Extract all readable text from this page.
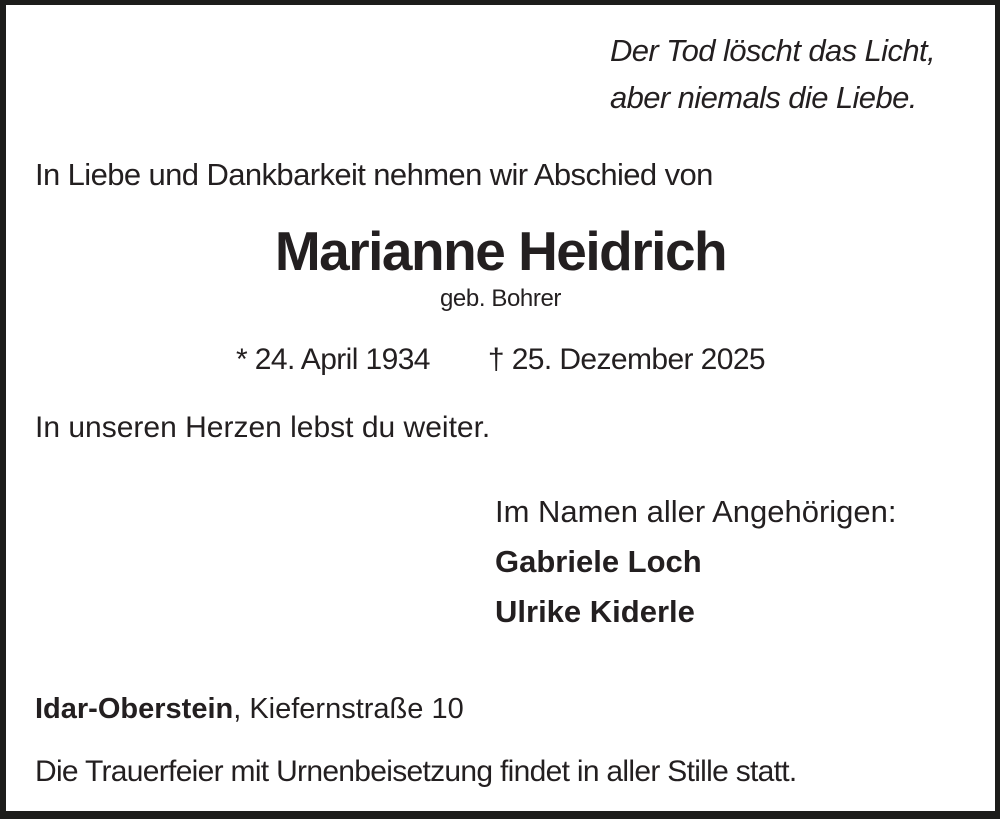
Der Tod löscht das Licht,
aber niemals die Liebe.
In Liebe und Dankbarkeit nehmen wir Abschied von
Marianne Heidrich
geb. Bohrer
* 24. April 1934 † 25. Dezember 2025
In unseren Herzen lebst du weiter.
Im Namen aller Angehörigen:
Gabriele Loch
Ulrike Kiderle
Idar-Oberstein, Kiefernstraße 10
Die Trauerfeier mit Urnenbeisetzung findet in aller Stille statt.
